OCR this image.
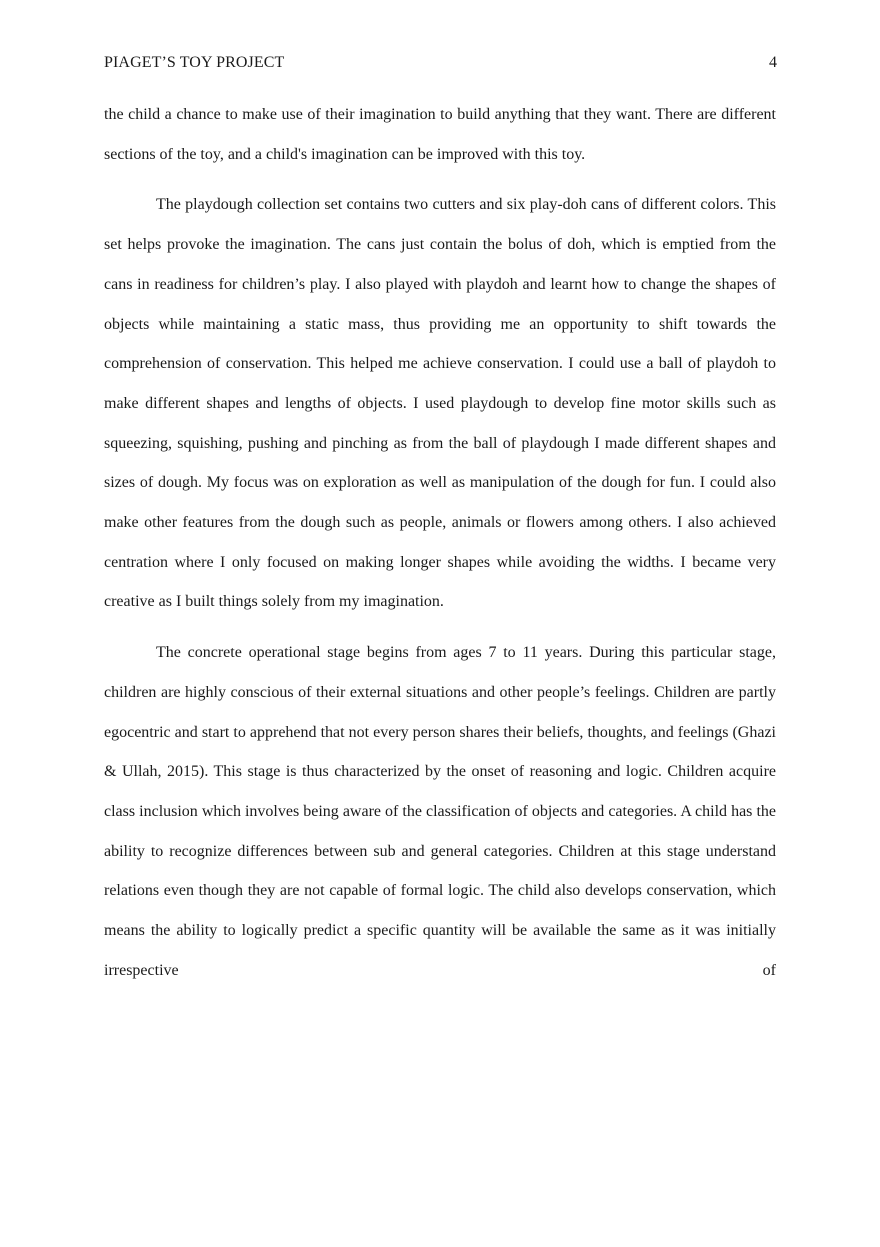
PIAGET’S TOY PROJECT	4

the child a chance to make use of their imagination to build anything that they want. There are different sections of the toy, and a child's imagination can be improved with this toy.

The playdough collection set contains two cutters and six play-doh cans of different colors. This set helps provoke the imagination. The cans just contain the bolus of doh, which is emptied from the cans in readiness for children’s play. I also played with playdoh and learnt how to change the shapes of objects while maintaining a static mass, thus providing me an opportunity to shift towards the comprehension of conservation. This helped me achieve conservation. I could use a ball of playdoh to make different shapes and lengths of objects. I used playdough to develop fine motor skills such as squeezing, squishing, pushing and pinching as from the ball of playdough I made different shapes and sizes of dough. My focus was on exploration as well as manipulation of the dough for fun. I could also make other features from the dough such as people, animals or flowers among others. I also achieved centration where I only focused on making longer shapes while avoiding the widths. I became very creative as I built things solely from my imagination.

The concrete operational stage begins from ages 7 to 11 years. During this particular stage, children are highly conscious of their external situations and other people’s feelings. Children are partly egocentric and start to apprehend that not every person shares their beliefs, thoughts, and feelings (Ghazi & Ullah, 2015). This stage is thus characterized by the onset of reasoning and logic. Children acquire class inclusion which involves being aware of the classification of objects and categories. A child has the ability to recognize differences between sub and general categories. Children at this stage understand relations even though they are not capable of formal logic. The child also develops conservation, which means the ability to logically predict a specific quantity will be available the same as it was initially irrespective of
